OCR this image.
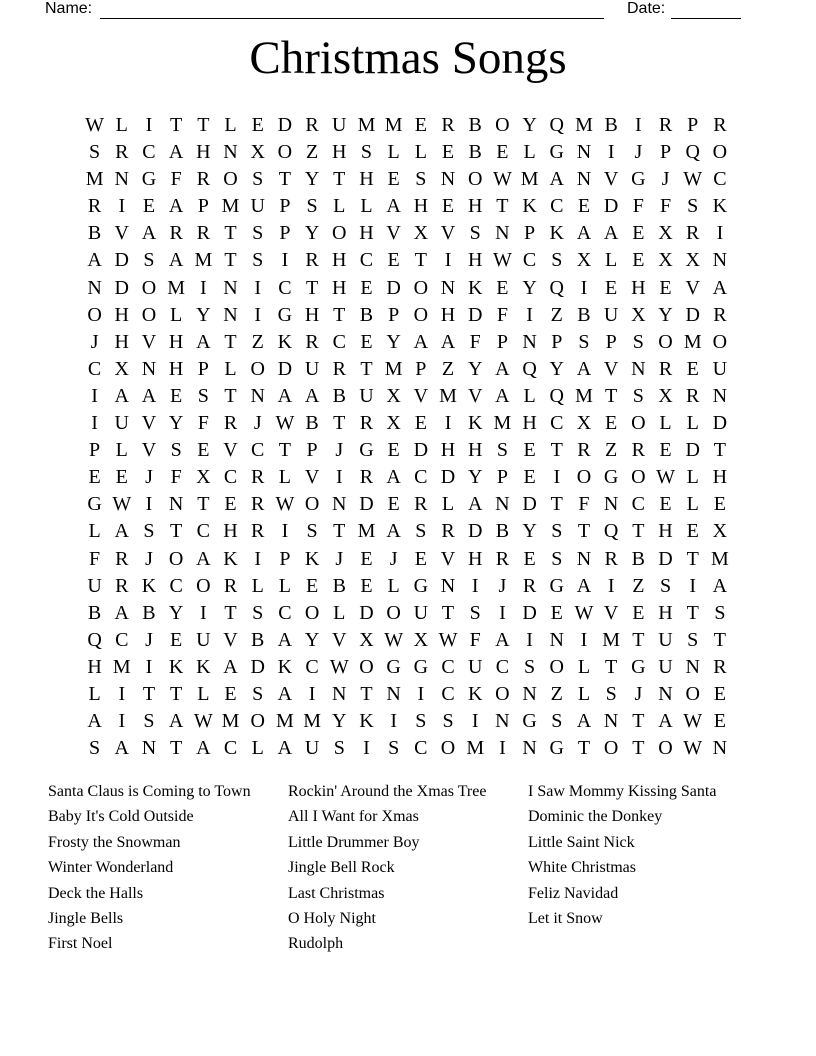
Name:	Date:
Christmas Songs
W L I T T L E D R U M M E R B O Y Q M B I R P R
S R C A H N X O Z H S L L E B E L G N I J P Q O
M N G F R O S T Y T H E S N O W M A N V G J W C
R I E A P M U P S L L A H E H T K C E D F F S K
B V A R R T S P Y O H V X V S N P K A A E X R I
A D S A M T S I R H C E T I H W C S X L E X X N
N D O M I N I C T H E D O N K E Y Q I E H E V A
O H O L Y N I G H T B P O H D F I Z B U X Y D R
J H V H A T Z K R C E Y A A F P N P S P S O M O
C X N H P L O D U R T M P Z Y A Q Y A V N R E U
I A A E S T N A A B U X V M V A L Q M T S X R N
I U V Y F R J W B T R X E I K M H C X E O L L D
P L V S E V C T P J G E D H H S E T R Z R E D T
E E J F X C R L V I R A C D Y P E I O G O W L H
G W I N T E R W O N D E R L A N D T F N C E L E
L A S T C H R I S T M A S R D B Y S T Q T H E X
F R J O A K I P K J E J E V H R E S N R B D T M
U R K C O R L L E B E L G N I J R G A I Z S I A
B A B Y I T S C O L D O U T S I D E W V E H T S
Q C J E U V B A Y V X W X W F A I N I M T U S T
H M I K K A D K C W O G G C U C S O L T G U N R
L I T T L E S A I N T N I C K O N Z L S J N O E
A I S A W M O M M Y K I S S I N G S A N T A W E
S A N T A C L A U S I S C O M I N G T O T O W N
Santa Claus is Coming to Town
Baby It's Cold Outside
Frosty the Snowman
Winter Wonderland
Deck the Halls
Jingle Bells
First Noel
Rockin' Around the Xmas Tree
All I Want for Xmas
Little Drummer Boy
Jingle Bell Rock
Last Christmas
O Holy Night
Rudolph
I Saw Mommy Kissing Santa
Dominic the Donkey
Little Saint Nick
White Christmas
Feliz Navidad
Let it Snow
